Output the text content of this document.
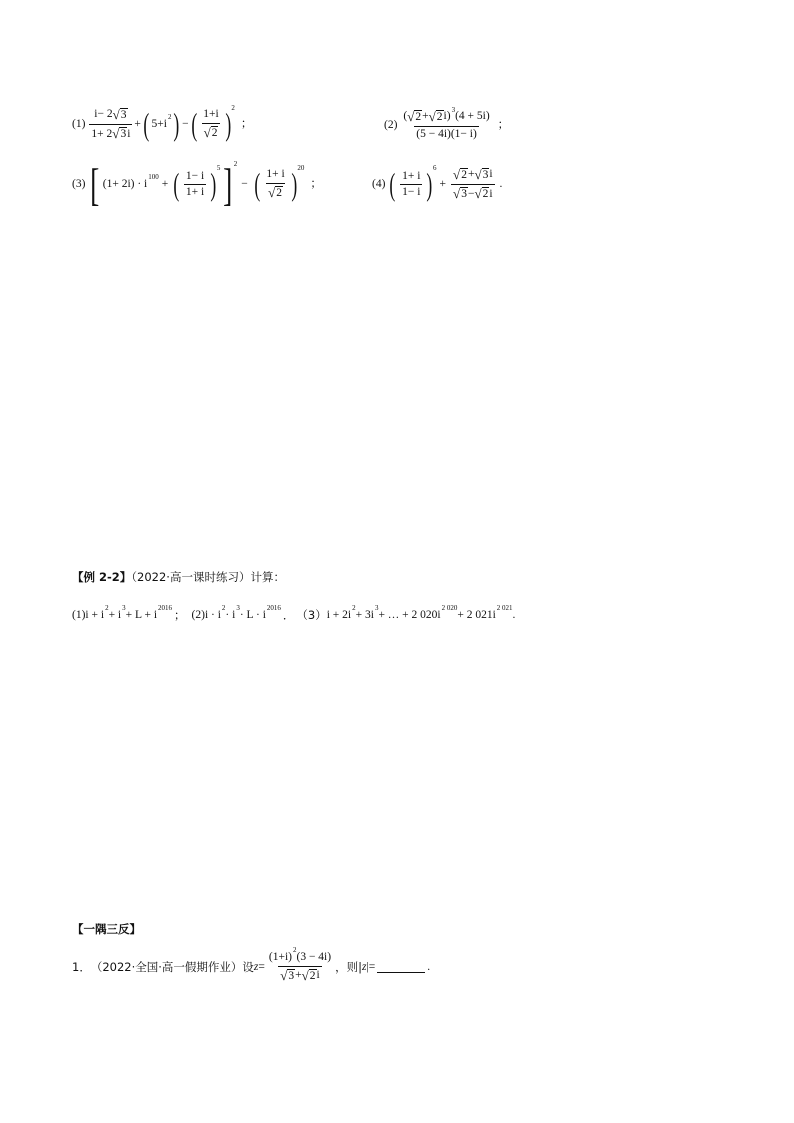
$(1) \frac{i- 2 √ 3}{1+ 2 √ 3 i}$ + ( 5+i
2 ) − ( $\frac{1+i}{√ 2}$ ) 2
；	(2) ( √ 2 + √ 2 i)
3
(4 + 5i)
(5 − 4i)(1− i) ；
(3) [ (1+ 2i) · i
100
+ ( $\frac{1- i}{1+ i}$ ) 5 ] 2
− ( $\frac{1+ i}{√ 2}$ ) 20
；	(4) ( $\frac{1+ i}{1- i}$ ) 6
+ $\frac{√ 2 + √ 3 i}{√ 3 - √ 2 i}$ .
【例 2-2】（2022·高一课时练习）计算：
(1) i + i
2
+ i
3
+ L + i
2016 ； (2) i · i
2
· i
3
· L · i
2016 ． （3） i + 2i
2
+ 3i
3
+ … + 2 020i
2 020
+ 2 021i
2 021
.
【一隅三反】
1． （2022·全国·高一假期作业）设 z = (1+i)
2
(3 − 4i)
√ 3 + √ 2 i ，则| z |=	.
